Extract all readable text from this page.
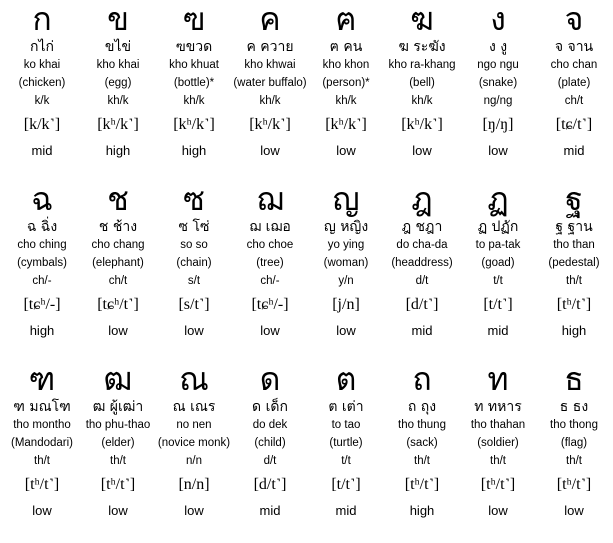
ก
กไก่
ko khai
(chicken)
k/k
[k/k˺]
mid
ข
ขไข่
kho khai
(egg)
kh/k
[kʰ/k˺]
high
ฃ
ฃขวด
kho khuat
(bottle)*
kh/k
[kʰ/k˺]
high
ค
ค ควาย
kho khwai
(water buffalo)
kh/k
[kʰ/k˺]
low
ฅ
ฅ คน
kho khon
(person)*
kh/k
[kʰ/k˺]
low
ฆ
ฆ ระฆัง
kho ra-khang
(bell)
kh/k
[kʰ/k˺]
low
ง
ง งู
ngo ngu
(snake)
ng/ng
[ŋ/ŋ]
low
จ
จ จาน
cho chan
(plate)
ch/t
[tɕ/t˺]
mid
ฉ
ฉ ฉิ่ง
cho ching
(cymbals)
ch/-
[tɕʰ/-]
high
ช
ช ช้าง
cho chang
(elephant)
ch/t
[tɕʰ/t˺]
low
ซ
ซ โซ่
so so
(chain)
s/t
[s/t˺]
low
ฌ
ฌ เฌอ
cho choe
(tree)
ch/-
[tɕʰ/-]
low
ญ
ญ หญิง
yo ying
(woman)
y/n
[j/n]
low
ฎ
ฎ ชฎา
do cha-da
(headdress)
d/t
[d/t˺]
mid
ฏ
ฏ ปฏัก
to pa-tak
(goad)
t/t
[t/t˺]
mid
ฐ
ฐ ฐาน
tho than
(pedestal)
th/t
[tʰ/t˺]
high
ฑ
ฑ มณโฑ
tho montho
(Mandodari)
th/t
[tʰ/t˺]
low
ฒ
ฒ ผู้เฒ่า
tho phu-thao
(elder)
th/t
[tʰ/t˺]
low
ณ
ณ เณร
no nen
(novice monk)
n/n
[n/n]
low
ด
ด เด็ก
do dek
(child)
d/t
[d/t˺]
mid
ต
ต เต่า
to tao
(turtle)
t/t
[t/t˺]
mid
ถ
ถ ถุง
tho thung
(sack)
th/t
[tʰ/t˺]
high
ท
ท ทหาร
tho thahan
(soldier)
th/t
[tʰ/t˺]
low
ธ
ธ ธง
tho thong
(flag)
th/t
[tʰ/t˺]
low
